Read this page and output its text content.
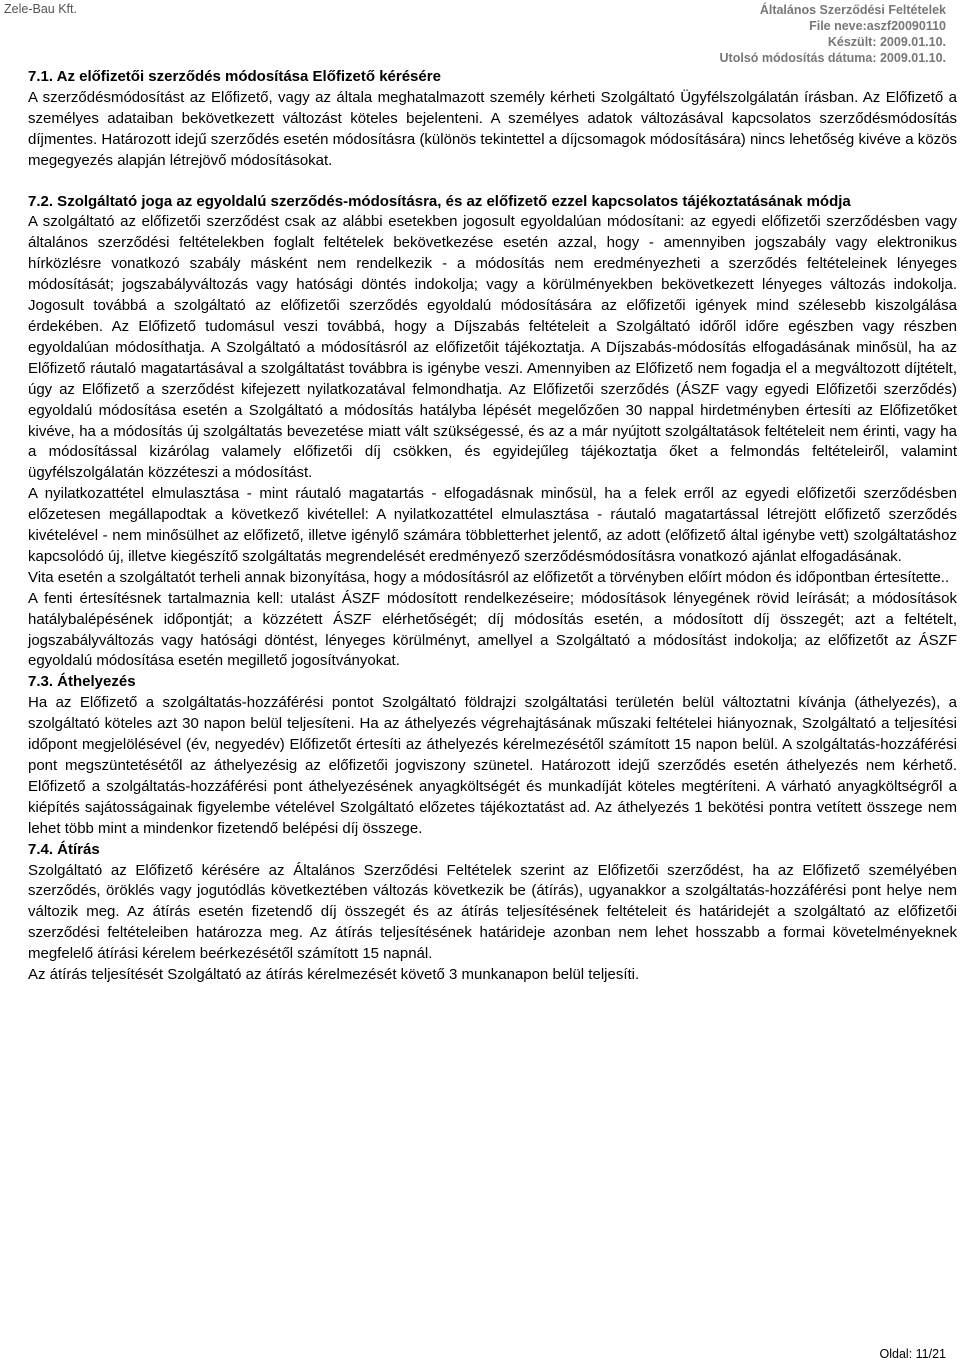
Zele-Bau Kft.	Általános Szerződési Feltételek
File neve:aszf20090110
Készült: 2009.01.10.
Utolsó módosítás dátuma: 2009.01.10.

7.1. Az előfizetői szerződés módosítása Előfizető kérésére

A szerződésmódosítást az Előfizető, vagy az általa meghatalmazott személy kérheti Szolgáltató Ügyfélszolgálatán írásban. Az Előfizető a személyes adataiban bekövetkezett változást köteles bejelenteni. A személyes adatok változásával kapcsolatos szerződésmódosítás díjmentes. Határozott idejű szerződés esetén módosításra (különös tekintettel a díjcsomagok módosítására) nincs lehetőség kivéve a közös megegyezés alapján létrejövő módosításokat.

7.2. Szolgáltató joga az egyoldalú szerződés-módosításra, és az előfizető ezzel kapcsolatos tájékoztatásának módja

A szolgáltató az előfizetői szerződést csak az alábbi esetekben jogosult egyoldalúan módosítani: az egyedi előfizetői szerződésben vagy általános szerződési feltételekben foglalt feltételek bekövetkezése esetén azzal, hogy - amennyiben jogszabály vagy elektronikus hírközlésre vonatkozó szabály másként nem rendelkezik - a módosítás nem eredményezheti a szerződés feltételeinek lényeges módosítását; jogszabályváltozás vagy hatósági döntés indokolja; vagy a körülményekben bekövetkezett lényeges változás indokolja. Jogosult továbbá a szolgáltató az előfizetői szerződés egyoldalú módosítására az előfizetői igények mind szélesebb kiszolgálása érdekében. Az Előfizető tudomásul veszi továbbá, hogy a Díjszabás feltételeit a Szolgáltató időről időre egészben vagy részben egyoldalúan módosíthatja. A Szolgáltató a módosításról az előfizetőit tájékoztatja. A Díjszabás-módosítás elfogadásának minősül, ha az Előfizető ráutaló magatartásával a szolgáltatást továbbra is igénybe veszi. Amennyiben az Előfizető nem fogadja el a megváltozott díjtételt, úgy az Előfizető a szerződést kifejezett nyilatkozatával felmondhatja. Az Előfizetői szerződés (ÁSZF vagy egyedi Előfizetői szerződés) egyoldalú módosítása esetén a Szolgáltató a módosítás hatályba lépését megelőzően 30 nappal hirdetményben értesíti az Előfizetőket kivéve, ha a módosítás új szolgáltatás bevezetése miatt vált szükségessé, és az a már nyújtott szolgáltatások feltételeit nem érinti, vagy ha a módosítással kizárólag valamely előfizetői díj csökken, és egyidejűleg tájékoztatja őket a felmondás feltételeiről, valamint ügyfélszolgálatán közzéteszi a módosítást.

A nyilatkozattétel elmulasztása - mint ráutaló magatartás - elfogadásnak minősül, ha a felek erről az egyedi előfizetői szerződésben előzetesen megállapodtak a következő kivétellel: A nyilatkozattétel elmulasztása - ráutaló magatartással létrejött előfizető szerződés kivételével - nem minősülhet az előfizető, illetve igénylő számára többletterhet jelentő, az adott (előfizető által igénybe vett) szolgáltatáshoz kapcsolódó új, illetve kiegészítő szolgáltatás megrendelését eredményező szerződésmódosításra vonatkozó ajánlat elfogadásának.

Vita esetén a szolgáltatót terheli annak bizonyítása, hogy a módosításról az előfizetőt a törvényben előírt módon és időpontban értesítette..

A fenti értesítésnek tartalmaznia kell: utalást ÁSZF módosított rendelkezéseire; módosítások lényegének rövid leírását; a módosítások hatálybalépésének időpontját; a közzétett ÁSZF elérhetőségét; díj módosítás esetén, a módosított díj összegét; azt a feltételt, jogszabályváltozás vagy hatósági döntést, lényeges körülményt, amellyel a Szolgáltató a módosítást indokolja; az előfizetőt az ÁSZF egyoldalú módosítása esetén megillető jogosítványokat.

7.3. Áthelyezés

Ha az Előfizető a szolgáltatás-hozzáférési pontot Szolgáltató földrajzi szolgáltatási területén belül változtatni kívánja (áthelyezés), a szolgáltató köteles azt 30 napon belül teljesíteni. Ha az áthelyezés végrehajtásának műszaki feltételei hiányoznak, Szolgáltató a teljesítési időpont megjelölésével (év, negyedév) Előfizetőt értesíti az áthelyezés kérelmezésétől számított 15 napon belül. A szolgáltatás-hozzáférési pont megszüntetésétől az áthelyezésig az előfizetői jogviszony szünetel. Határozott idejű szerződés esetén áthelyezés nem kérhető. Előfizető a szolgáltatás-hozzáférési pont áthelyezésének anyagköltségét és munkadíját köteles megtéríteni. A várható anyagköltségről a kiépítés sajátosságainak figyelembe vételével Szolgáltató előzetes tájékoztatást ad. Az áthelyezés 1 bekötési pontra vetített összege nem lehet több mint a mindenkor fizetendő belépési díj összege.

7.4. Átírás

Szolgáltató az Előfizető kérésére az Általános Szerződési Feltételek szerint az Előfizetői szerződést, ha az Előfizető személyében szerződés, öröklés vagy jogutódlás következtében változás következik be (átírás), ugyanakkor a szolgáltatás-hozzáférési pont helye nem változik meg. Az átírás esetén fizetendő díj összegét és az átírás teljesítésének feltételeit és határidejét a szolgáltató az előfizetői szerződési feltételeiben határozza meg. Az átírás teljesítésének határideje azonban nem lehet hosszabb a formai követelményeknek megfelelő átírási kérelem beérkezésétől számított 15 napnál.

Az átírás teljesítését Szolgáltató az átírás kérelmezését követő 3 munkanapon belül teljesíti.

Oldal: 11/21
